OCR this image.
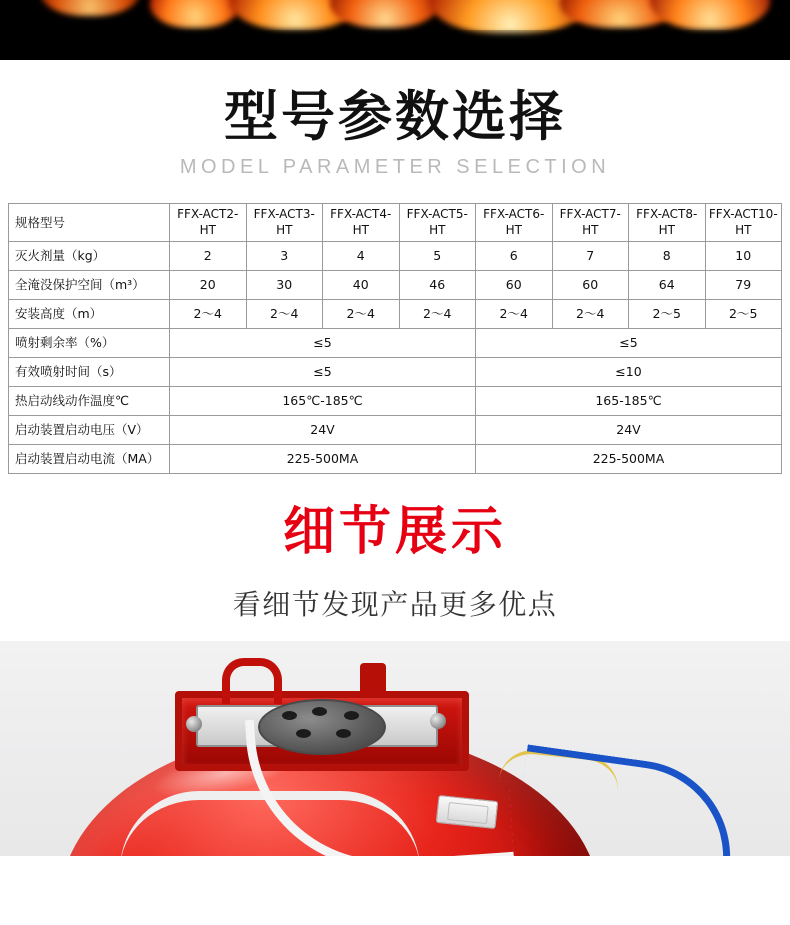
型号参数选择
MODEL PARAMETER SELECTION
规格型号	FFX-ACT2-HT	FFX-ACT3-HT	FFX-ACT4-HT	FFX-ACT5-HT	FFX-ACT6-HT	FFX-ACT7-HT	FFX-ACT8-HT	FFX-ACT10-HT
灭火剂量（kg）	2	3	4	5	6	7	8	10
全淹没保护空间（m³）	20	30	40	46	60	60	64	79
安装高度（m）	2～4	2～4	2～4	2～4	2～4	2～4	2～5	2～5
喷射剩余率（%）	≤5				≤5			
有效喷射时间（s）	≤5				≤10			
热启动线动作温度℃	165℃-185℃				165-185℃			
启动装置启动电压（V）	24V				24V			
启动装置启动电流（MA）	225-500MA				225-500MA			
细节展示
看细节发现产品更多优点
